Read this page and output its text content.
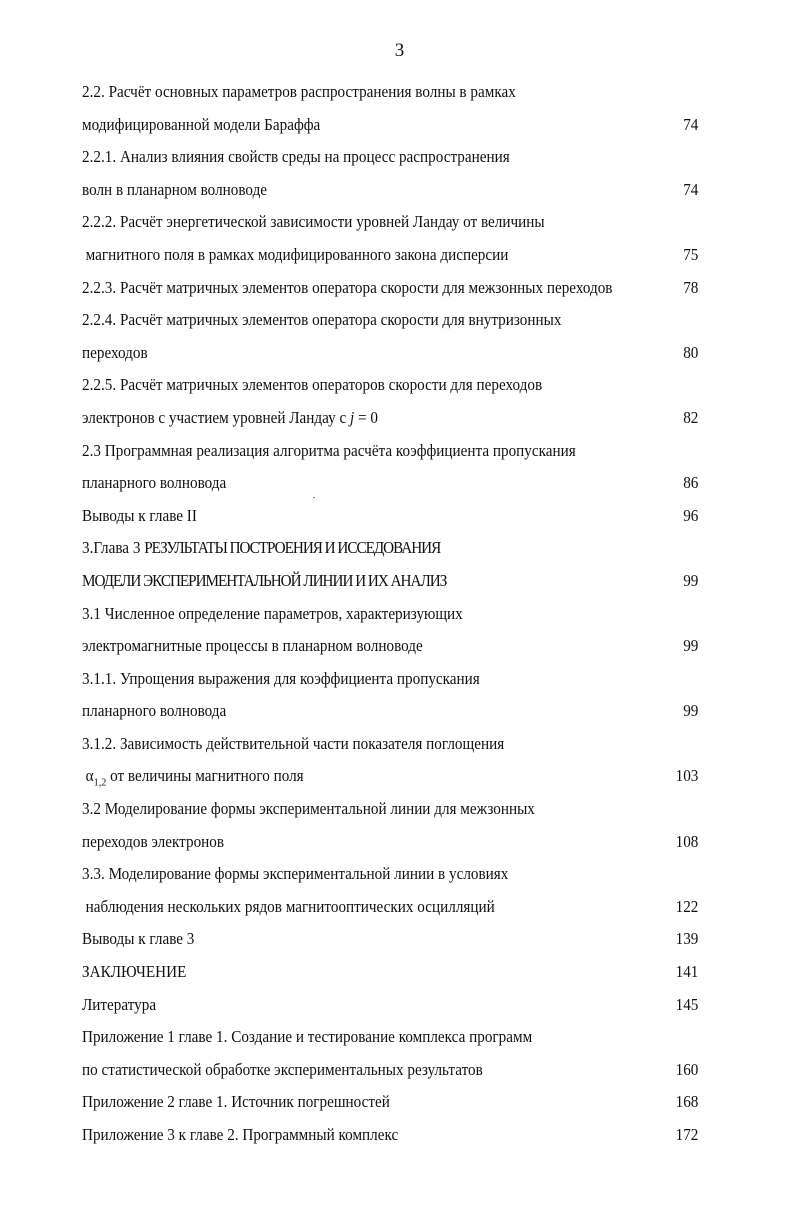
3
2.2. Расчёт основных параметров распространения волны в рамках
модифицированной модели Бараффа	74
2.2.1. Анализ влияния свойств среды на процесс распространения
волн в планарном волноводе	74
2.2.2. Расчёт энергетической зависимости уровней Ландау от величины
магнитного поля в рамках модифицированного закона дисперсии	75
2.2.3. Расчёт матричных элементов оператора скорости для межзонных переходов	78
2.2.4. Расчёт матричных элементов оператора скорости для внутризонных
переходов	80
2.2.5. Расчёт матричных элементов операторов скорости для переходов
электронов с участием уровней Ландау с j = 0	82
2.3 Программная реализация алгоритма расчёта коэффициента пропускания
планарного волновода	86
Выводы к главе II	96
3.Глава 3 РЕЗУЛЬТАТЫ ПОСТРОЕНИЯ И ИССЕДОВАНИЯ
МОДЕЛИ ЭКСПЕРИМЕНТАЛЬНОЙ ЛИНИИ И ИХ АНАЛИЗ	99
3.1 Численное определение параметров, характеризующих
электромагнитные процессы в планарном волноводе	99
3.1.1. Упрощения выражения для коэффициента пропускания
планарного волновода	99
3.1.2. Зависимость действительной части показателя поглощения
$\alpha_{1,2}$ от величины магнитного поля	103
3.2 Моделирование формы экспериментальной линии для межзонных
переходов электронов	108
3.3. Моделирование формы экспериментальной линии в условиях
наблюдения нескольких рядов магнитооптических осцилляций	122
Выводы к главе 3	139
ЗАКЛЮЧЕНИЕ	141
Литература	145
Приложение 1 главе 1. Создание и тестирование комплекса программ
по статистической обработке экспериментальных результатов	160
Приложение 2 главе 1. Источник погрешностей	168
Приложение 3 к главе 2. Программный комплекс	172
